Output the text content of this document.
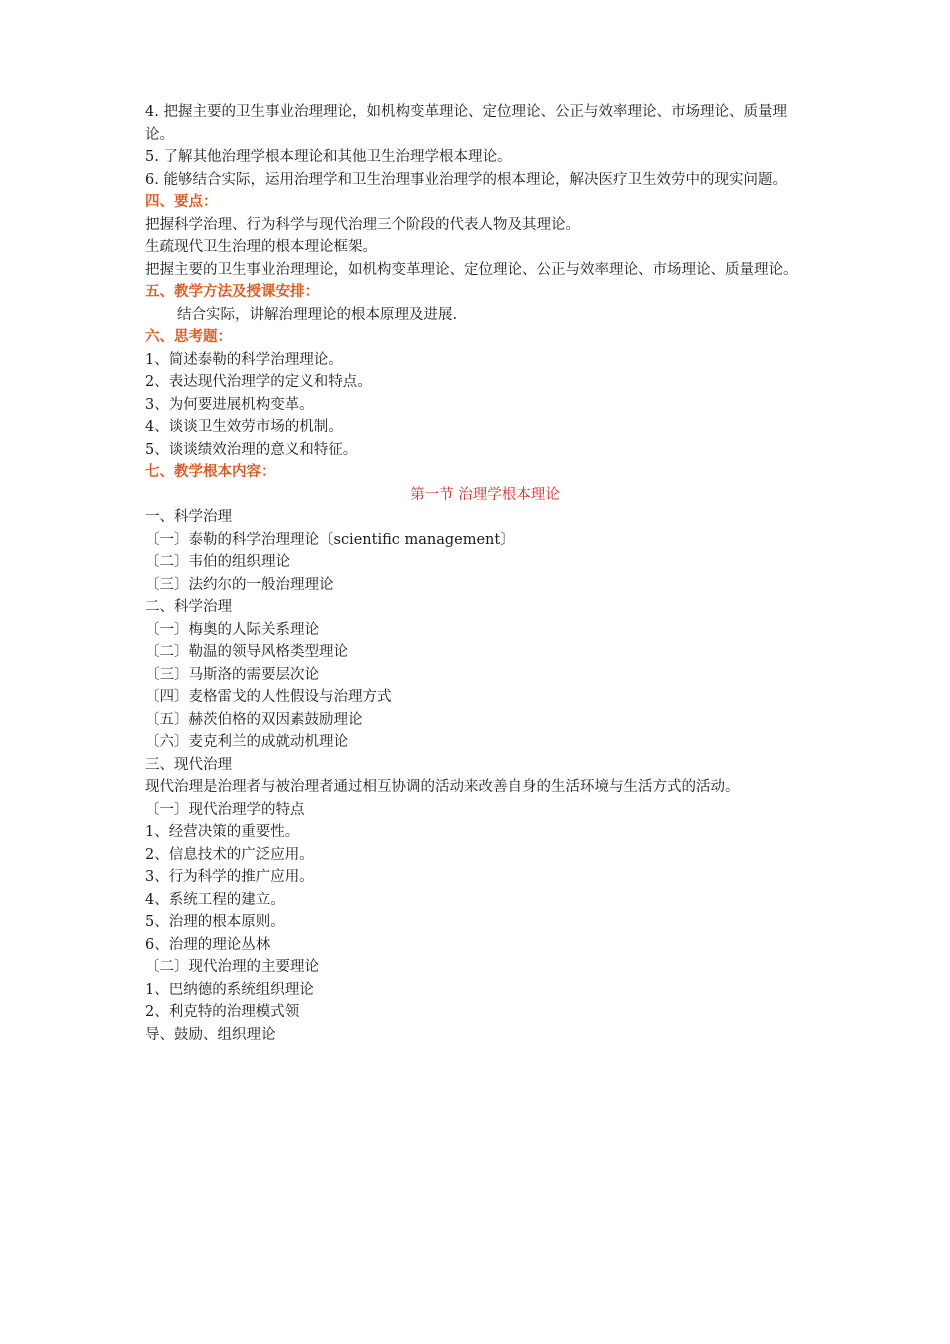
4. 把握主要的卫生事业治理理论，如机构变革理论、定位理论、公正与效率理论、市场理论、质量理论。

5. 了解其他治理学根本理论和其他卫生治理学根本理论。

6. 能够结合实际，运用治理学和卫生治理事业治理学的根本理论，解决医疗卫生效劳中的现实问题。

四、要点：

把握科学治理、行为科学与现代治理三个阶段的代表人物及其理论。

生疏现代卫生治理的根本理论框架。

把握主要的卫生事业治理理论，如机构变革理论、定位理论、公正与效率理论、市场理论、质量理论。

五、教学方法及授课安排：

结合实际，讲解治理理论的根本原理及进展.

六、思考题：

1、简述泰勒的科学治理理论。

2、表达现代治理学的定义和特点。

3、为何要进展机构变革。

4、谈谈卫生效劳市场的机制。

5、谈谈绩效治理的意义和特征。

七、教学根本内容：

第一节 治理学根本理论

一、科学治理

〔一〕泰勒的科学治理理论〔scientific management〕

〔二〕韦伯的组织理论

〔三〕法约尔的一般治理理论

二、科学治理

〔一〕梅奥的人际关系理论

〔二〕勒温的领导风格类型理论

〔三〕马斯洛的需要层次论

〔四〕麦格雷戈的人性假设与治理方式

〔五〕赫茨伯格的双因素鼓励理论

〔六〕麦克利兰的成就动机理论

三、现代治理

现代治理是治理者与被治理者通过相互协调的活动来改善自身的生活环境与生活方式的活动。

〔一〕现代治理学的特点

1、经营决策的重要性。

2、信息技术的广泛应用。

3、行为科学的推广应用。

4、系统工程的建立。

5、治理的根本原则。

6、治理的理论丛林

〔二〕现代治理的主要理论

1、巴纳德的系统组织理论

2、利克特的治理模式领

导、鼓励、组织理论
